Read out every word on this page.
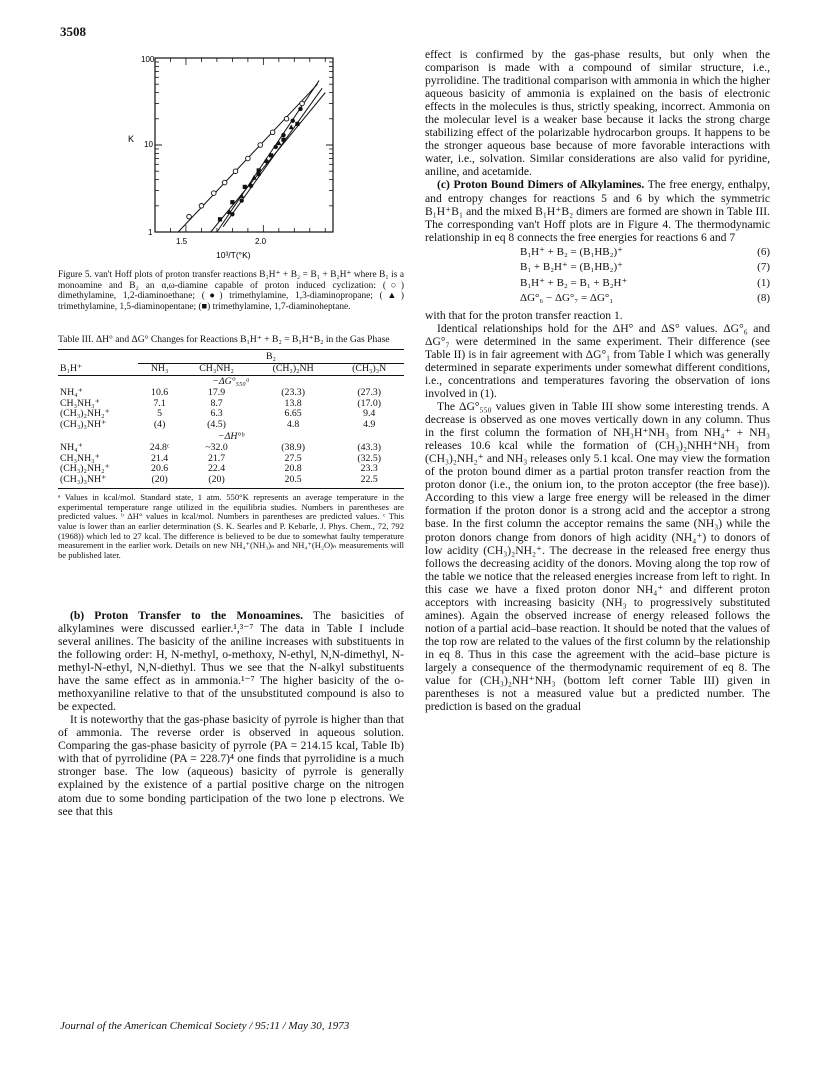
3508
100
10
1
K
1.5	2.0
10³/T(°K)
Figure 5. van't Hoff plots of proton transfer reactions B₁H⁺ + B₂ = B₁ + B₂H⁺ where B₁ is a monoamine and B₂ an α,ω-diamine capable of proton induced cyclization: (○) dimethylamine, 1,2-diaminoethane; (●) trimethylamine, 1,3-diaminopropane; (▲) trimethylamine, 1,5-diaminopentane; (■) trimethylamine, 1,7-diaminoheptane.
Table III. ΔH° and ΔG° Changes for Reactions B₁H⁺ + B₂ = B₁H⁺B₂ in the Gas Phase

	B₂			
B₁H⁺	NH₃	CH₃NH₂	(CH₃)₂NH	(CH₃)₃N
−ΔG°₅₅₀ᵃ				
NH₄⁺	10.6	17.9	(23.3)	(27.3)
CH₃NH₃⁺	7.1	8.7	13.8	(17.0)
(CH₃)₂NH₂⁺	5	6.3	6.65	9.4
(CH₃)₃NH⁺	(4)	(4.5)	4.8	4.9
−ΔH°ᵇ				
NH₄⁺	24.8ᶜ	~32.0	(38.9)	(43.3)
CH₃NH₃⁺	21.4	21.7	27.5	(32.5)
(CH₃)₂NH₂⁺	20.6	22.4	20.8	23.3
(CH₃)₃NH⁺	(20)	(20)	20.5	22.5
ᵃ Values in kcal/mol. Standard state, 1 atm. 550°K represents an average temperature in the experimental temperature range utilized in the equilibria studies. Numbers in parentheses are predicted values. ᵇ ΔH° values in kcal/mol. Numbers in parentheses are predicted values. ᶜ This value is lower than an earlier determination (S. K. Searles and P. Kebarle, J. Phys. Chem., 72, 792 (1968)) which led to 27 kcal. The difference is believed to be due to somewhat faulty temperature measurement in the earlier work. Details on new NH₄⁺(NH₃)ₙ and NH₄⁺(H₂O)ₙ measurements will be published later.

(b) Proton Transfer to the Monoamines. The basicities of alkylamines were discussed earlier.¹,³⁻⁷ The data in Table I include several anilines. The basicity of the aniline increases with substituents in the following order: H, N-methyl, o-methoxy, N-ethyl, N,N-dimethyl, N-methyl-N-ethyl, N,N-diethyl. Thus we see that the N-alkyl substituents have the same effect as in ammonia.¹⁻⁷ The higher basicity of the o-methoxyaniline relative to that of the unsubstituted compound is also to be expected.

It is noteworthy that the gas-phase basicity of pyrrole is higher than that of ammonia. The reverse order is observed in aqueous solution. Comparing the gas-phase basicity of pyrrole (PA = 214.15 kcal, Table Ib) with that of pyrrolidine (PA = 228.7)⁴ one finds that pyrrolidine is a much stronger base. The low (aqueous) basicity of pyrrole is generally explained by the existence of a partial positive charge on the nitrogen atom due to some bonding participation of the two lone p electrons. We see that this

effect is confirmed by the gas-phase results, but only when the comparison is made with a compound of similar structure, i.e., pyrrolidine. The traditional comparison with ammonia in which the higher aqueous basicity of ammonia is explained on the basis of electronic effects in the molecules is thus, strictly speaking, incorrect. Ammonia on the molecular level is a weaker base because it lacks the strong charge stabilizing effect of the polarizable hydrocarbon groups. It happens to be the stronger aqueous base because of more favorable interactions with water, i.e., solvation. Similar considerations are also valid for pyridine, aniline, and acetamide.

(c) Proton Bound Dimers of Alkylamines. The free energy, enthalpy, and entropy changes for reactions 5 and 6 by which the symmetric B₁H⁺B₁ and the mixed B₁H⁺B₂ dimers are formed are shown in Table III. The corresponding van't Hoff plots are in Figure 4. The thermodynamic relationship in eq 8 connects the free energies for reactions 6 and 7

B₁H⁺ + B₂ = (B₁HB₂)⁺	(6)
B₁ + B₂H⁺ = (B₁HB₂)⁺	(7)
B₁H⁺ + B₂ = B₁ + B₂H⁺	(1)
ΔG°₆ − ΔG°₇ = ΔG°₁	(8)

with that for the proton transfer reaction 1.

Identical relationships hold for the ΔH° and ΔS° values. ΔG°₆ and ΔG°₇ were determined in the same experiment. Their difference (see Table II) is in fair agreement with ΔG°₁ from Table I which was generally determined in separate experiments under somewhat different conditions, i.e., concentrations and temperatures favoring the observation of ions involved in (1).

The ΔG°₅₅₀ values given in Table III show some interesting trends. A decrease is observed as one moves vertically down in any column. Thus in the first column the formation of NH₃H⁺NH₃ from NH₄⁺ + NH₃ releases 10.6 kcal while the formation of (CH₃)₂NHH⁺NH₃ from (CH₃)₂NH₂⁺ and NH₃ releases only 5.1 kcal. One may view the formation of the proton bound dimer as a partial proton transfer reaction from the proton donor (i.e., the onium ion, to the proton acceptor (the free base)). According to this view a large free energy will be released in the dimer formation if the proton donor is a strong acid and the acceptor a strong base. In the first column the acceptor remains the same (NH₃) while the proton donors change from donors of high acidity (NH₄⁺) to donors of low acidity (CH₃)₂NH₂⁺. The decrease in the released free energy thus follows the decreasing acidity of the donors. Moving along the top row of the table we notice that the released energies increase from left to right. In this case we have a fixed proton donor NH₄⁺ and different proton acceptors with increasing basicity (NH₃ to progressively substituted amines). Again the observed increase of energy released follows the notion of a partial acid–base reaction. It should be noted that the values of the top row are related to the values of the first column by the relationship in eq 8. Thus in this case the agreement with the acid–base picture is largely a consequence of the thermodynamic requirement of eq 8. The value for (CH₃)₂NH⁺NH₃ (bottom left corner Table III) given in parentheses is not a measured value but a predicted number. The prediction is based on the gradual

Journal of the American Chemical Society / 95:11 / May 30, 1973
